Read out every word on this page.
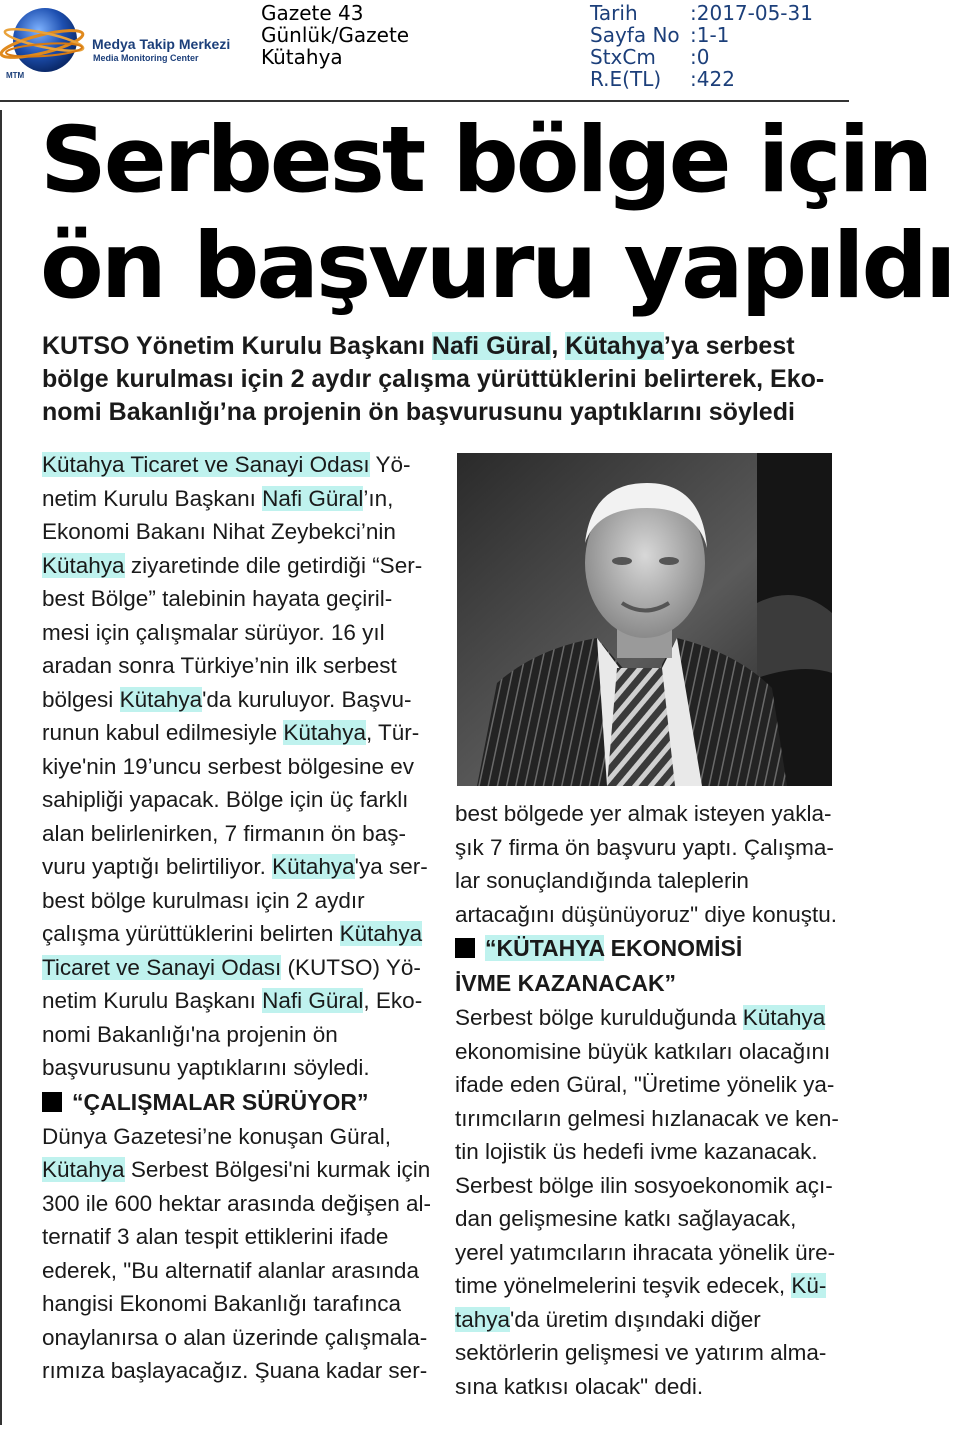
Medya Takip Merkezi
Media Monitoring Center
MTM
Gazete 43
Günlük/Gazete
Kütahya
Tarih	:2017-05-31
Sayfa No :1-1
StxCm	:0
R.E(TL)	:422
Serbest bölge için
ön başvuru yapıldı
KUTSO Yönetim Kurulu Başkanı Nafi Güral, Kütahya’ya serbest
bölge kurulması için 2 aydır çalışma yürüttüklerini belirterek, Eko-
nomi Bakanlığı’na projenin ön başvurusunu yaptıklarını söyledi
Kütahya Ticaret ve Sanayi Odası Yö-
netim Kurulu Başkanı Nafi Güral’ın,
Ekonomi Bakanı Nihat Zeybekci’nin
Kütahya ziyaretinde dile getirdiği “Ser-
best Bölge” talebinin hayata geçiril-
mesi için çalışmalar sürüyor. 16 yıl
aradan sonra Türkiye’nin ilk serbest
bölgesi Kütahya'da kuruluyor. Başvu-
runun kabul edilmesiyle Kütahya, Tür-
kiye'nin 19’uncu serbest bölgesine ev
sahipliği yapacak. Bölge için üç farklı
alan belirlenirken, 7 firmanın ön baş-
vuru yaptığı belirtiliyor. Kütahya'ya ser-
best bölge kurulması için 2 aydır
çalışma yürüttüklerini belirten Kütahya
Ticaret ve Sanayi Odası (KUTSO) Yö-
netim Kurulu Başkanı Nafi Güral, Eko-
nomi Bakanlığı'na projenin ön
başvurusunu yaptıklarını söyledi.
“ÇALIŞMALAR SÜRÜYOR”
Dünya Gazetesi’ne konuşan Güral,
Kütahya Serbest Bölgesi'ni kurmak için
300 ile 600 hektar arasında değişen al-
ternatif 3 alan tespit ettiklerini ifade
ederek, "Bu alternatif alanlar arasında
hangisi Ekonomi Bakanlığı tarafınca
onaylanırsa o alan üzerinde çalışmala-
rımıza başlayacağız. Şuana kadar ser-
best bölgede yer almak isteyen yakla-
şık 7 firma ön başvuru yaptı. Çalışma-
lar sonuçlandığında taleplerin
artacağını düşünüyoruz" diye konuştu.
“KÜTAHYA EKONOMİSİ
İVME KAZANACAK”
Serbest bölge kurulduğunda Kütahya
ekonomisine büyük katkıları olacağını
ifade eden Güral, "Üretime yönelik ya-
tırımcıların gelmesi hızlanacak ve ken-
tin lojistik üs hedefi ivme kazanacak.
Serbest bölge ilin sosyoekonomik açı-
dan gelişmesine katkı sağlayacak,
yerel yatımcıların ihracata yönelik üre-
time yönelmelerini teşvik edecek, Kü-
tahya'da üretim dışındaki diğer
sektörlerin gelişmesi ve yatırım alma-
sına katkısı olacak" dedi.
